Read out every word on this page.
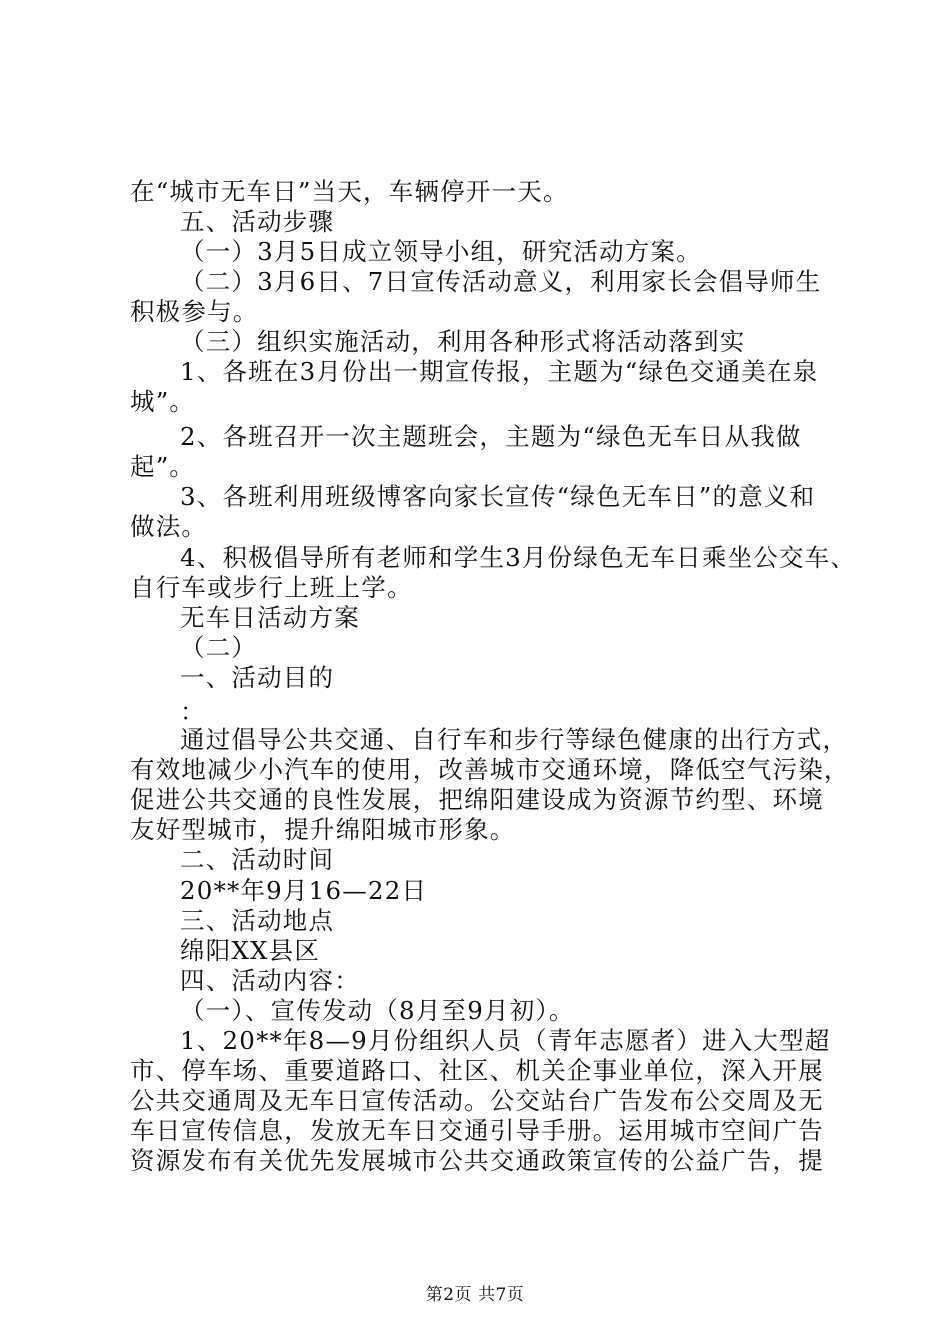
在“城市无车日”当天，车辆停开一天。
五、活动步骤
（一）3月5日成立领导小组，研究活动方案。
（二）3月6日、7日宣传活动意义，利用家长会倡导师生
积极参与。
（三）组织实施活动，利用各种形式将活动落到实
1、各班在3月份出一期宣传报，主题为“绿色交通美在泉
城”。
2、各班召开一次主题班会，主题为“绿色无车日从我做
起”。
3、各班利用班级博客向家长宣传“绿色无车日”的意义和
做法。
4、积极倡导所有老师和学生3月份绿色无车日乘坐公交车、
自行车或步行上班上学。
无车日活动方案
（二）
一、活动目的
：
通过倡导公共交通、自行车和步行等绿色健康的出行方式，
有效地减少小汽车的使用，改善城市交通环境，降低空气污染，
促进公共交通的良性发展，把绵阳建设成为资源节约型、环境
友好型城市，提升绵阳城市形象。
二、活动时间
20**年9月16—22日
三、活动地点
绵阳XX县区
四、活动内容：
（一）、宣传发动（8月至9月初）。
1、20**年8—9月份组织人员（青年志愿者）进入大型超
市、停车场、重要道路口、社区、机关企事业单位，深入开展
公共交通周及无车日宣传活动。公交站台广告发布公交周及无
车日宣传信息，发放无车日交通引导手册。运用城市空间广告
资源发布有关优先发展城市公共交通政策宣传的公益广告，提
第2页 共7页
